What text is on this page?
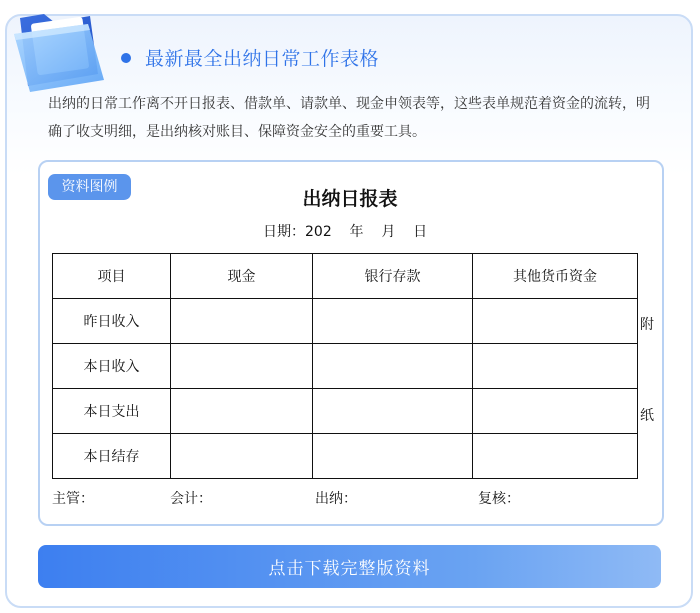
最新最全出纳日常工作表格
出纳的日常工作离不开日报表、借款单、请款单、现金申领表等，这些表单规范着资金的流转，明确了收支明细，是出纳核对账目、保障资金安全的重要工具。
资料图例
出纳日报表
日期：202    年    月    日
项目	现金	银行存款	其他货币资金
昨日收入			
本日收入			
本日支出			
本日结存			
附
纸
主管：	会计：	出纳：	复核：
点击下载完整版资料
